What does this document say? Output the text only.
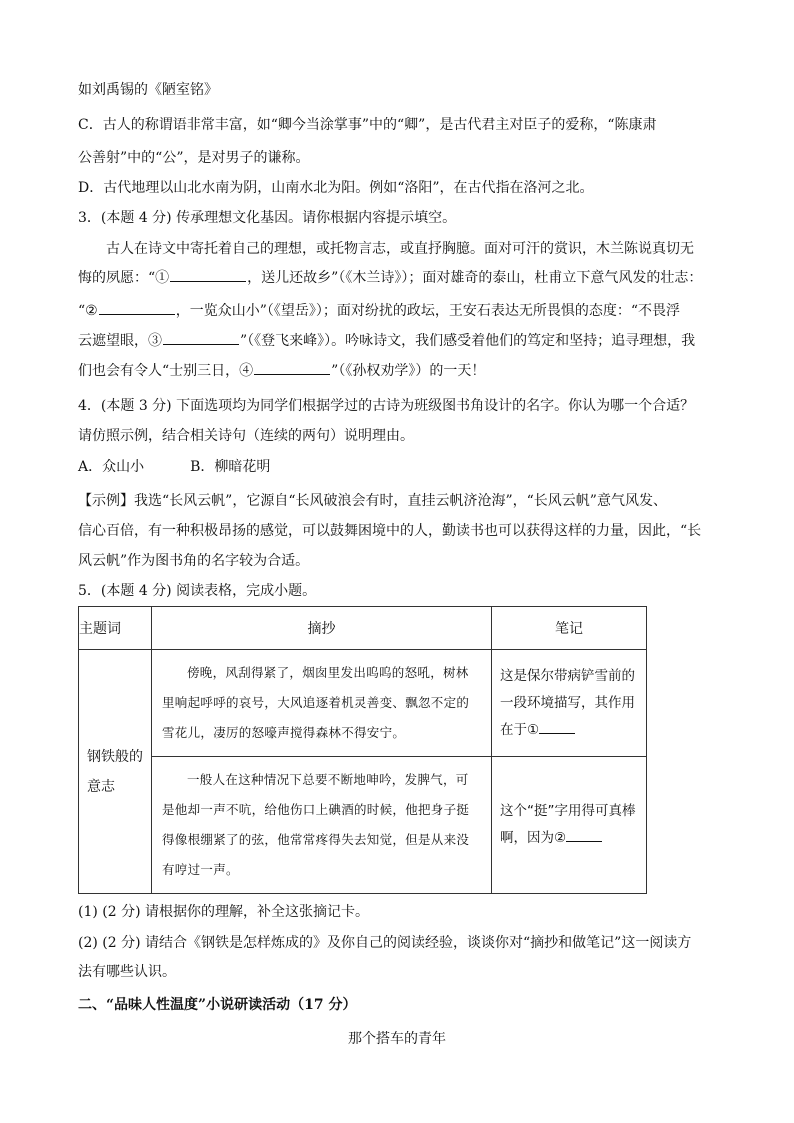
如刘禹锡的《陋室铭》
C．古人的称谓语非常丰富，如“卿今当涂掌事”中的“卿”，是古代君主对臣子的爱称，“陈康肃
公善射”中的“公”，是对男子的谦称。
D．古代地理以山北水南为阴，山南水北为阳。例如“洛阳”，在古代指在洛河之北。
3．(本题 4 分) 传承理想文化基因。请你根据内容提示填空。
古人在诗文中寄托着自己的理想，或托物言志，或直抒胸臆。面对可汗的赏识，木兰陈说真切无
悔的夙愿：“①	，送儿还故乡”（《木兰诗》）；面对雄奇的泰山，杜甫立下意气风发的壮志：
“②	，一览众山小”（《望岳》）；面对纷扰的政坛，王安石表达无所畏惧的态度：“不畏浮
云遮望眼，③	”（《登飞来峰》）。吟咏诗文，我们感受着他们的笃定和坚持；追寻理想，我
们也会有令人“士别三日，④	”（《孙权劝学》）的一天！
4．(本题 3 分) 下面选项均为同学们根据学过的古诗为班级图书角设计的名字。你认为哪一个合适？
请仿照示例，结合相关诗句（连续的两句）说明理由。
A．众山小	B．柳暗花明
【示例】我选“长风云帆”，它源自“长风破浪会有时，直挂云帆济沧海”，“长风云帆”意气风发、
信心百倍，有一种积极昂扬的感觉，可以鼓舞困境中的人，勤读书也可以获得这样的力量，因此，“长
风云帆”作为图书角的名字较为合适。
5．(本题 4 分) 阅读表格，完成小题。
主题词	摘抄	笔记
钢铁般的意志	傍晚，风刮得紧了，烟囱里发出呜呜的怒吼，树林里响起呼呼的哀号，大风追逐着机灵善变、飘忽不定的雪花儿，凄厉的怒嚎声搅得森林不得安宁。	这是保尔带病铲雪前的一段环境描写，其作用在于①
	一般人在这种情况下总要不断地呻吟，发脾气，可是他却一声不吭，给他伤口上碘酒的时候，他把身子挺得像根绷紧了的弦，他常常疼得失去知觉，但是从来没有哼过一声。	这个“挺”字用得可真棒啊，因为②
(1) (2 分) 请根据你的理解，补全这张摘记卡。
(2) (2 分) 请结合《钢铁是怎样炼成的》及你自己的阅读经验，谈谈你对“摘抄和做笔记”这一阅读方
法有哪些认识。
二、“品味人性温度”小说研读活动（17 分）
那个搭车的青年
